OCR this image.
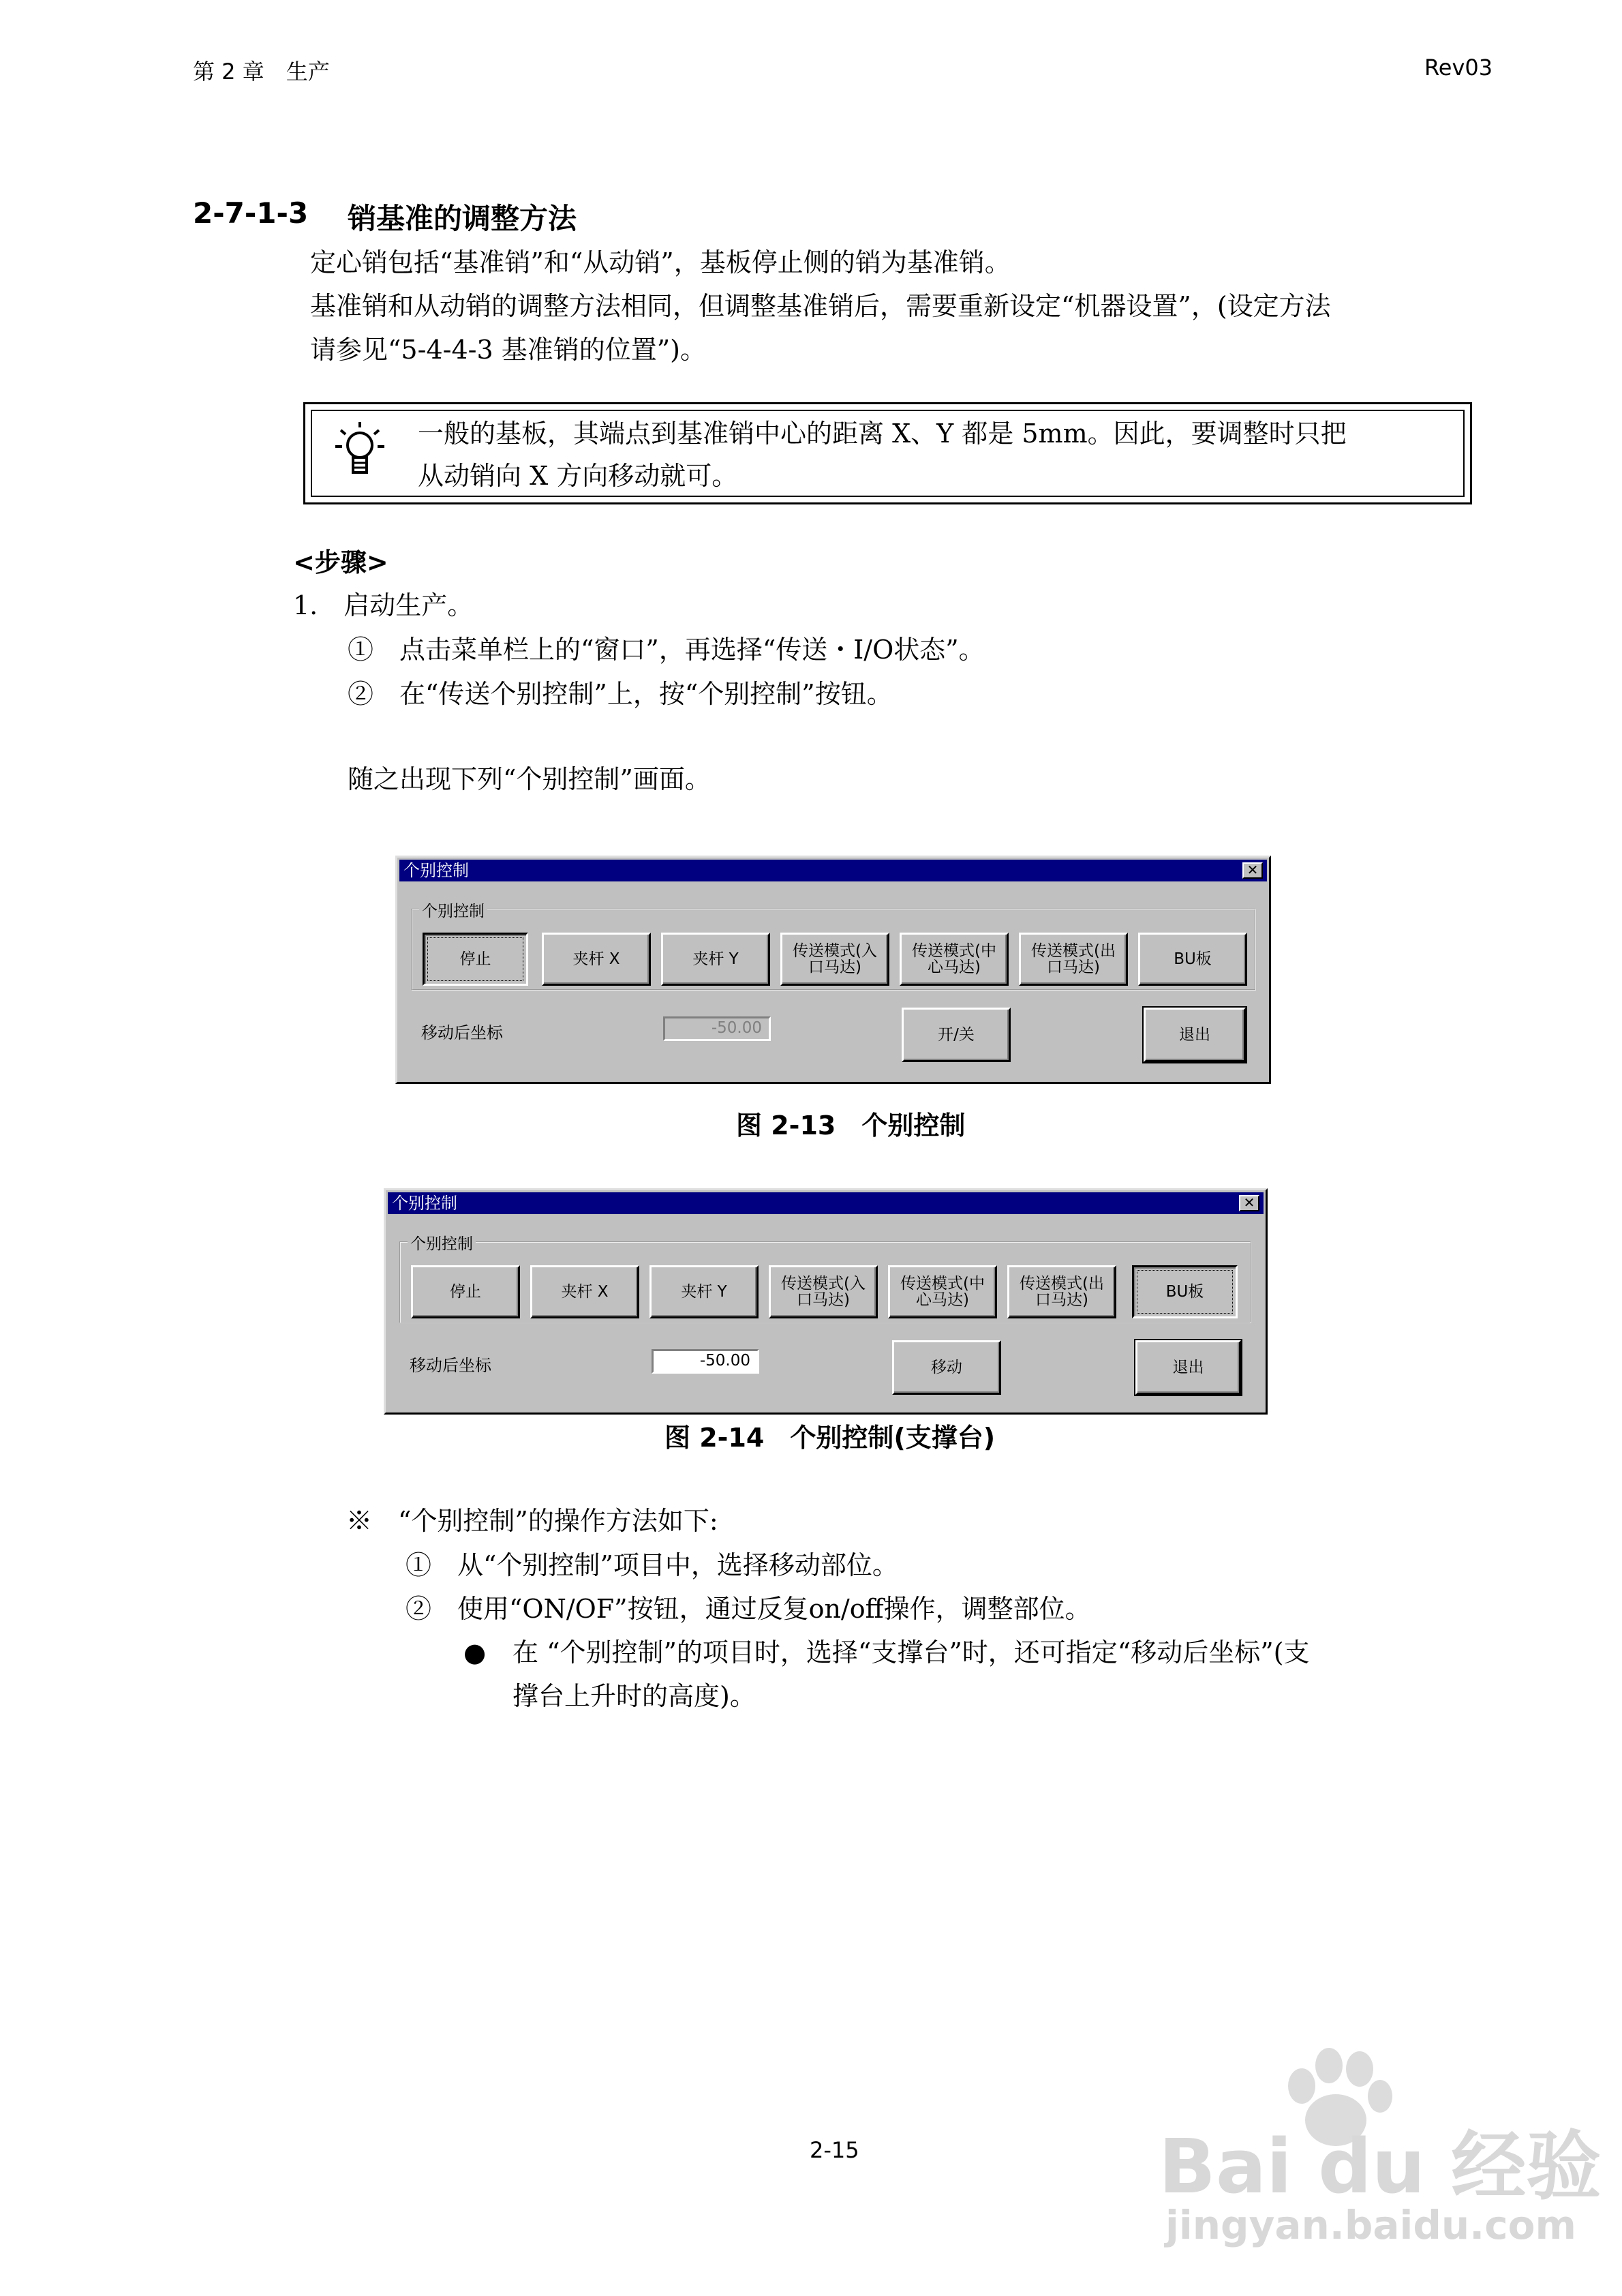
第 2 章　生产	Rev03
2-7-1-3 销基准的调整方法
定心销包括“基准销”和“从动销”，基板停止侧的销为基准销。
基准销和从动销的调整方法相同，但调整基准销后，需要重新设定“机器设置”，(设定方法
请参见“5-4-4-3 基准销的位置”)。
一般的基板，其端点到基准销中心的距离 X、Y 都是 5mm。因此，要调整时只把
从动销向 X 方向移动就可。
<步骤>
1.　启动生产。
①　点击菜单栏上的“窗口”，再选择“传送・I/O状态”。
②　在“传送个别控制”上，按“个别控制”按钮。
随之出现下列“个别控制”画面。
个别控制	✕
个别控制
停止	夹杆 X	夹杆 Y	传送模式(入
口马达)
传送模式(中
心马达)
传送模式(出
口马达)	BU板
移动后坐标	-50.00	开/关	退出
图 2-13　个别控制
个别控制	✕
个别控制
停止	夹杆 X	夹杆 Y	传送模式(入
口马达)
传送模式(中
心马达)
传送模式(出
口马达)	BU板
移动后坐标	-50.00	移动	退出
图 2-14　个别控制(支撑台)
※　“个别控制”的操作方法如下:
①　从“个别控制”项目中，选择移动部位。
②　使用“ON/OF”按钮，通过反复on/off操作，调整部位。
● 在 “个别控制”的项目时，选择“支撑台”时，还可指定“移动后坐标”(支
撑台上升时的高度)。
2-15	Bai du 经验
jingyan.baidu.com
